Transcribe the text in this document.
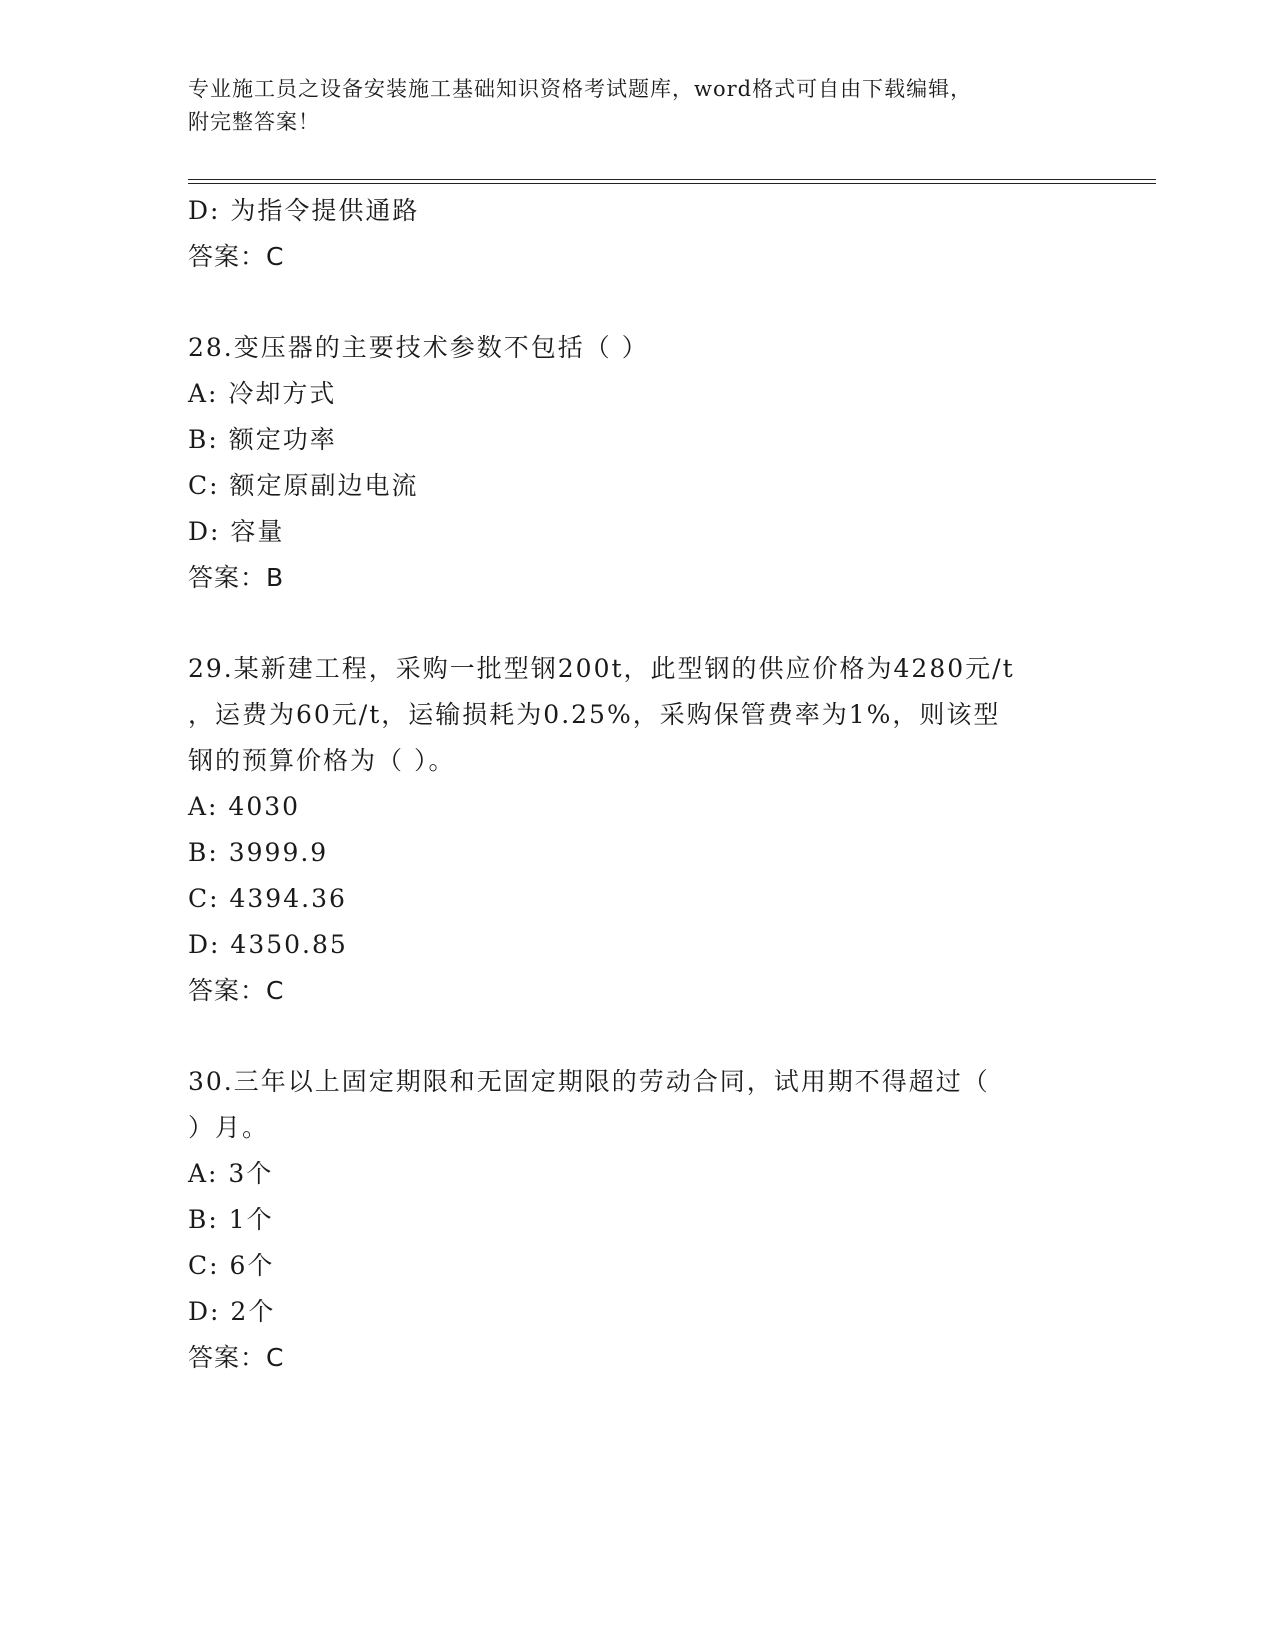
专业施工员之设备安装施工基础知识资格考试题库，word格式可自由下载编辑，
附完整答案！
D: 为指令提供通路
答案：C
28.变压器的主要技术参数不包括（ ）
A: 冷却方式
B: 额定功率
C: 额定原副边电流
D: 容量
答案：B
29.某新建工程，采购一批型钢200t，此型钢的供应价格为4280元/t
，运费为60元/t，运输损耗为0.25%，采购保管费率为1%，则该型
钢的预算价格为（ ）。
A: 4030
B: 3999.9
C: 4394.36
D: 4350.85
答案：C
30.三年以上固定期限和无固定期限的劳动合同，试用期不得超过（
）月。
A: 3个
B: 1个
C: 6个
D: 2个
答案：C
